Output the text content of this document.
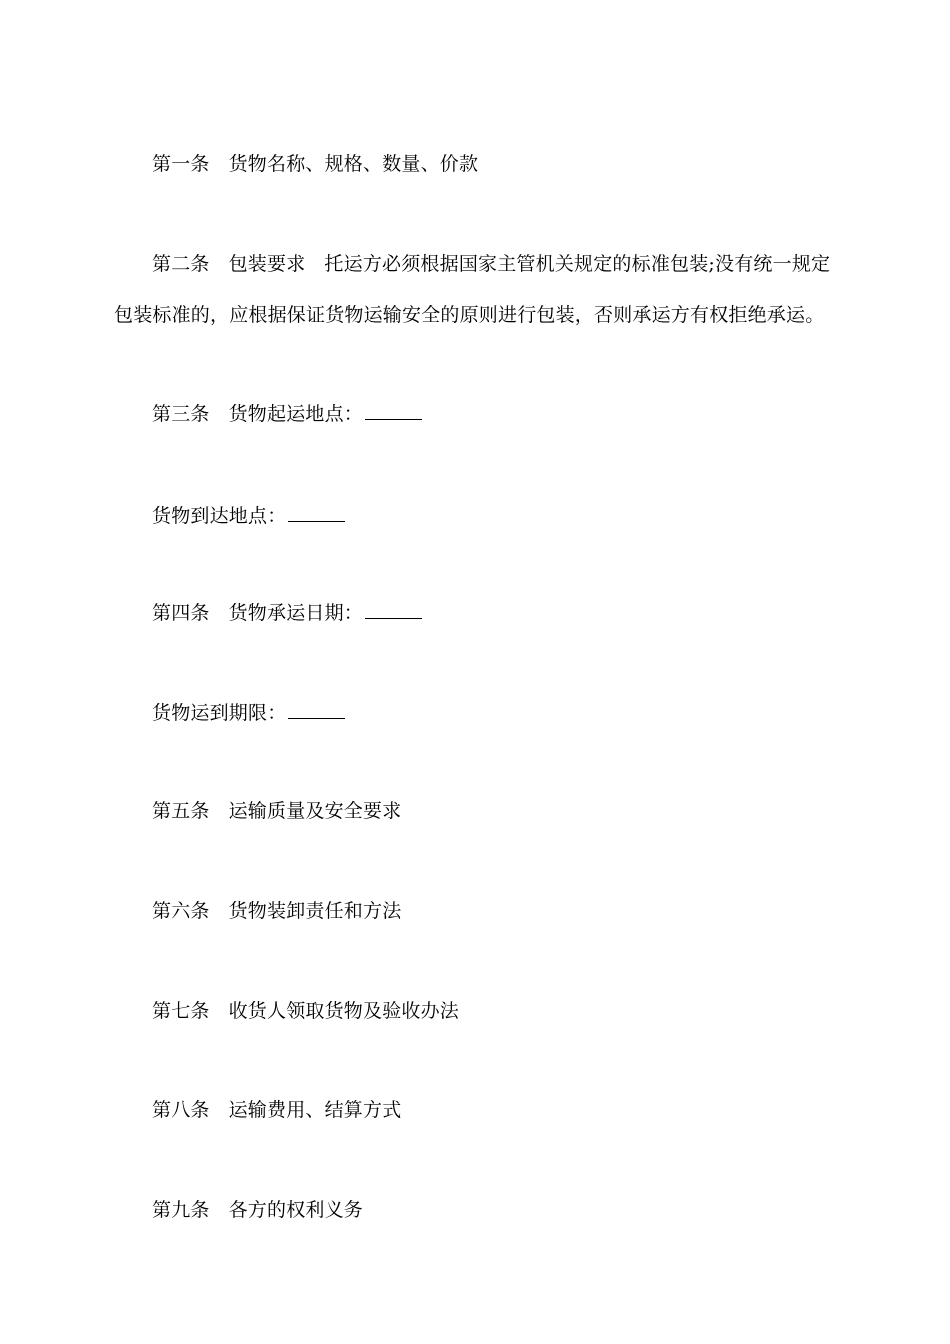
第一条 货物名称、规格、数量、价款
第二条 包装要求 托运方必须根据国家主管机关规定的标准包装;没有统一规定
包装标准的，应根据保证货物运输安全的原则进行包装，否则承运方有权拒绝承运。
第三条 货物起运地点：
货物到达地点：
第四条 货物承运日期：
货物运到期限：
第五条 运输质量及安全要求
第六条 货物装卸责任和方法
第七条 收货人领取货物及验收办法
第八条 运输费用、结算方式
第九条 各方的权利义务
